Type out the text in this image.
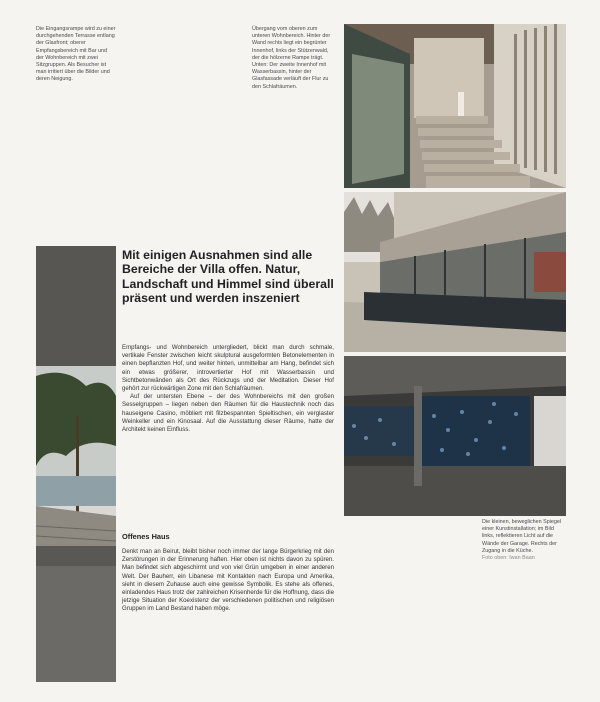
Die Eingangsrampe wird zu einer durchgehenden Terrasse entlang der Glasfront; oberer Empfangsbereich mit Bar und der Wohnbereich mit zwei Sitzgruppen. Als Besucher ist man irritiert über die Bilder und deren Neigung.
Übergang vom oberen zum unteren Wohnbereich. Hinter der Wand rechts liegt ein begrünter Innenhof, links der Stützenwald, der die hölzerne Rampe trägt. Unten: Der zweite Innenhof mit Wasserbassin, hinter der Glasfassade verläuft der Flur zu den Schlafräumen.
Mit einigen Ausnahmen sind alle Bereiche der Villa offen. Natur, Landschaft und Himmel sind überall präsent und werden inszeniert

Empfangs- und Wohnbereich untergliedert, blickt man durch schmale, vertikale Fenster zwischen leicht skulptural ausgeformten Betonelementen in einen bepflanzten Hof, und weiter hinten, unmittelbar am Hang, befindet sich ein etwas größerer, introvertierter Hof mit Wasserbassin und Sichtbetonwänden als Ort des Rückzugs und der Meditation. Dieser Hof gehört zur rückwärtigen Zone mit den Schlafräumen.

Auf der untersten Ebene – der des Wohnbereichs mit den großen Sesselgruppen – liegen neben den Räumen für die Haustechnik noch das hauseigene Casino, möbliert mit filzbespannten Spieltischen, ein verglaster Weinkeller und ein Kinosaal. Auf die Ausstattung dieser Räume, hatte der Architekt keinen Einfluss.

Offenes Haus
Denkt man an Beirut, bleibt bisher noch immer der lange Bürgerkrieg mit den Zerstörungen in der Erinnerung haften. Hier oben ist nichts davon zu spüren. Man befindet sich abgeschirmt und von viel Grün umgeben in einer anderen Welt. Der Bauherr, ein Libanese mit Kontakten nach Europa und Amerika, sieht in diesem Zuhause auch eine gewisse Symbolik. Es stehe als offenes, einladendes Haus trotz der zahlreichen Krisenherde für die Hoffnung, dass die jetzige Situation der Koexistenz der verschiedenen politischen und religiösen Gruppen im Land Bestand haben möge.
Die kleinen, beweglichen Spiegel einer Kunstinstallation; im Bild links, reflektieren Licht auf die Wände der Garage. Rechts der Zugang in die Küche.
Foto oben: Iwan Baan
